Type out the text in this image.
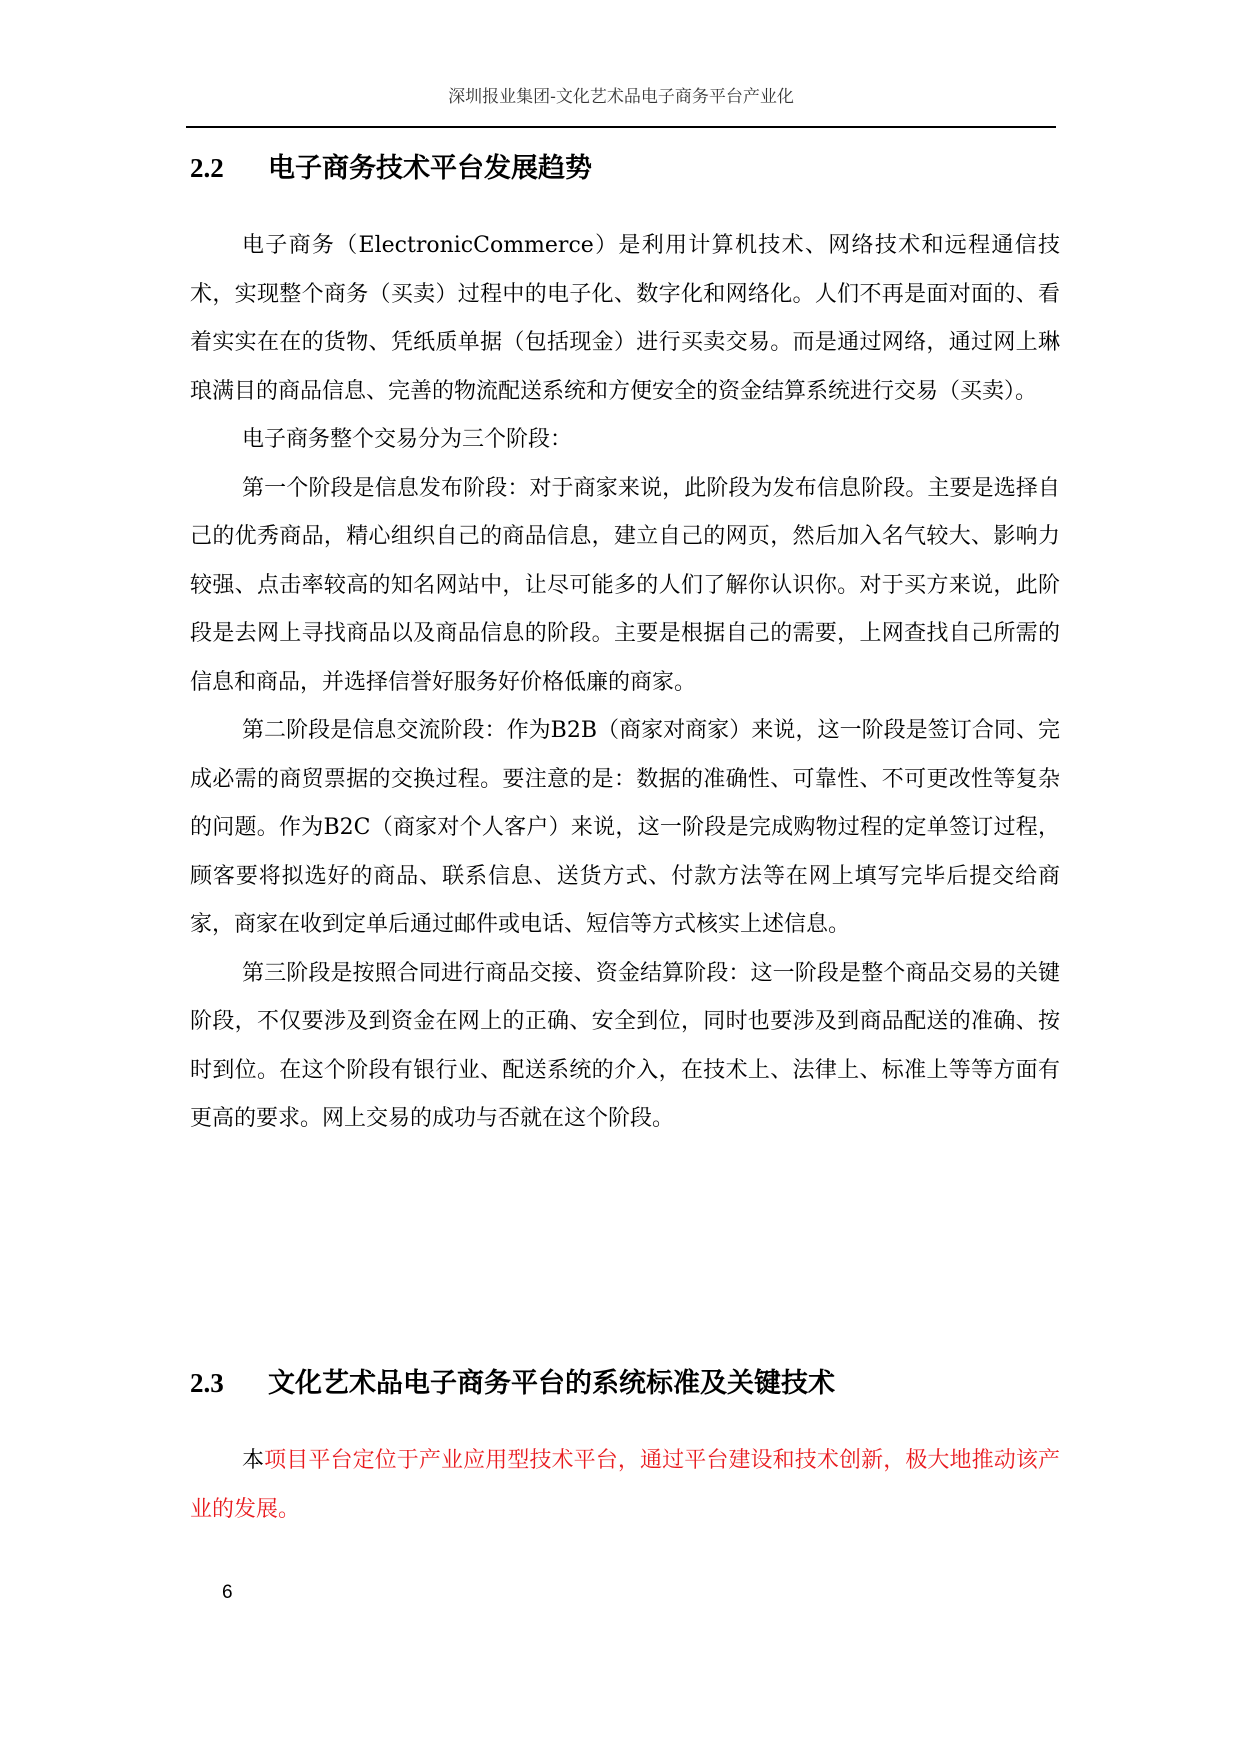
深圳报业集团-文化艺术品电子商务平台产业化
2.2 电子商务技术平台发展趋势

电子商务（ElectronicCommerce）是利用计算机技术、网络技术和远程通信技术，实现整个商务（买卖）过程中的电子化、数字化和网络化。人们不再是面对面的、看着实实在在的货物、凭纸质单据（包括现金）进行买卖交易。而是通过网络，通过网上琳琅满目的商品信息、完善的物流配送系统和方便安全的资金结算系统进行交易（买卖）。

电子商务整个交易分为三个阶段：

第一个阶段是信息发布阶段：对于商家来说，此阶段为发布信息阶段。主要是选择自己的优秀商品，精心组织自己的商品信息，建立自己的网页，然后加入名气较大、影响力较强、点击率较高的知名网站中，让尽可能多的人们了解你认识你。对于买方来说，此阶段是去网上寻找商品以及商品信息的阶段。主要是根据自己的需要，上网查找自己所需的信息和商品，并选择信誉好服务好价格低廉的商家。

第二阶段是信息交流阶段：作为B2B（商家对商家）来说，这一阶段是签订合同、完成必需的商贸票据的交换过程。要注意的是：数据的准确性、可靠性、不可更改性等复杂的问题。作为B2C（商家对个人客户）来说，这一阶段是完成购物过程的定单签订过程，顾客要将拟选好的商品、联系信息、送货方式、付款方法等在网上填写完毕后提交给商家，商家在收到定单后通过邮件或电话、短信等方式核实上述信息。

第三阶段是按照合同进行商品交接、资金结算阶段：这一阶段是整个商品交易的关键阶段，不仅要涉及到资金在网上的正确、安全到位，同时也要涉及到商品配送的准确、按时到位。在这个阶段有银行业、配送系统的介入，在技术上、法律上、标准上等等方面有更高的要求。网上交易的成功与否就在这个阶段。

2.3 文化艺术品电子商务平台的系统标准及关键技术

本项目平台定位于产业应用型技术平台，通过平台建设和技术创新，极大地推动该产业的发展。

6
